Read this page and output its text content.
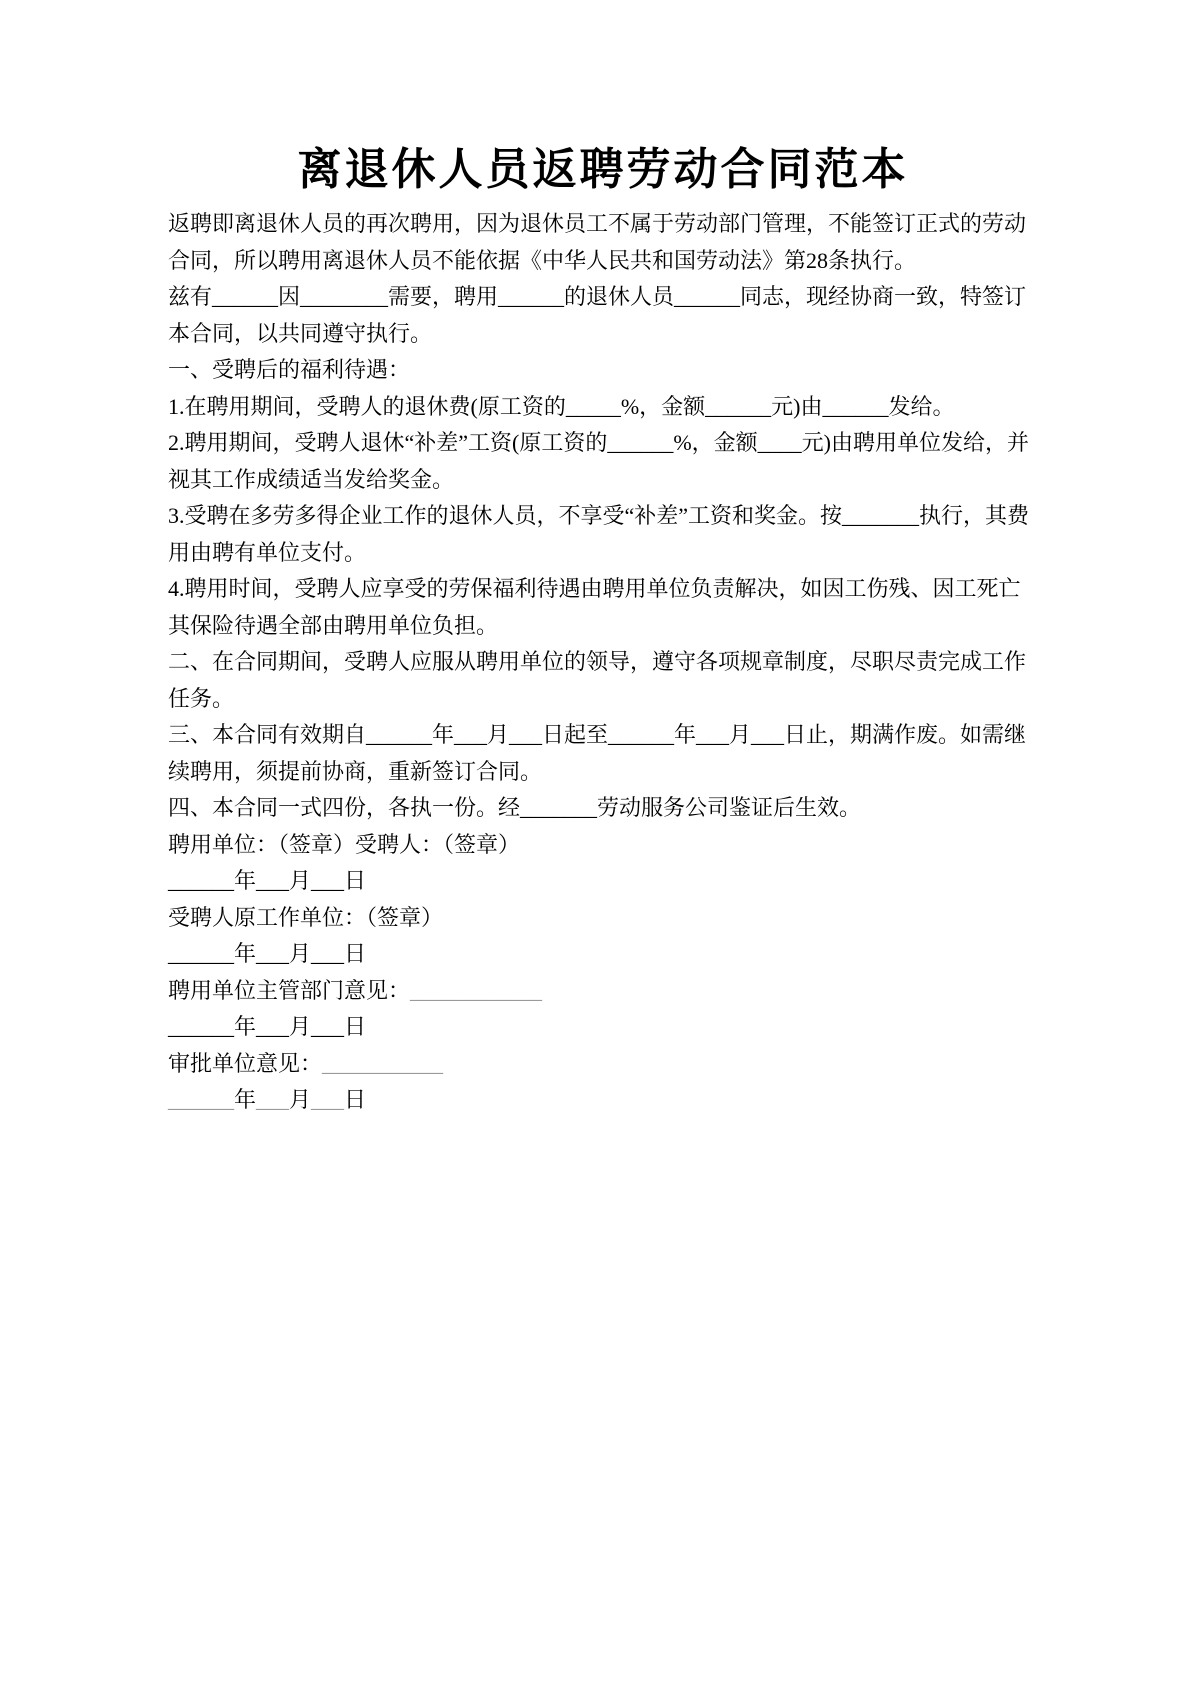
离退休人员返聘劳动合同范本

返聘即离退休人员的再次聘用，因为退休员工不属于劳动部门管理，不能签订正式的劳动合同，所以聘用离退休人员不能依据《中华人民共和国劳动法》第28条执行。

兹有______因________需要，聘用______的退休人员______同志，现经协商一致，特签订本合同，以共同遵守执行。

一、受聘后的福利待遇：

1.在聘用期间，受聘人的退休费(原工资的_____%，金额______元)由______发给。

2.聘用期间，受聘人退休“补差”工资(原工资的______%，金额____元)由聘用单位发给，并视其工作成绩适当发给奖金。

3.受聘在多劳多得企业工作的退休人员，不享受“补差”工资和奖金。按_______执行，其费用由聘有单位支付。

4.聘用时间，受聘人应享受的劳保福利待遇由聘用单位负责解决，如因工伤残、因工死亡其保险待遇全部由聘用单位负担。

二、在合同期间，受聘人应服从聘用单位的领导，遵守各项规章制度，尽职尽责完成工作任务。

三、本合同有效期自______年___月___日起至______年___月___日止，期满作废。如需继续聘用，须提前协商，重新签订合同。

四、本合同一式四份，各执一份。经_______劳动服务公司鉴证后生效。

聘用单位：（签章）受聘人：（签章）

______年___月___日

受聘人原工作单位：（签章）

______年___月___日

聘用单位主管部门意见：____________

______年___月___日

审批单位意见：___________

______年___月___日
